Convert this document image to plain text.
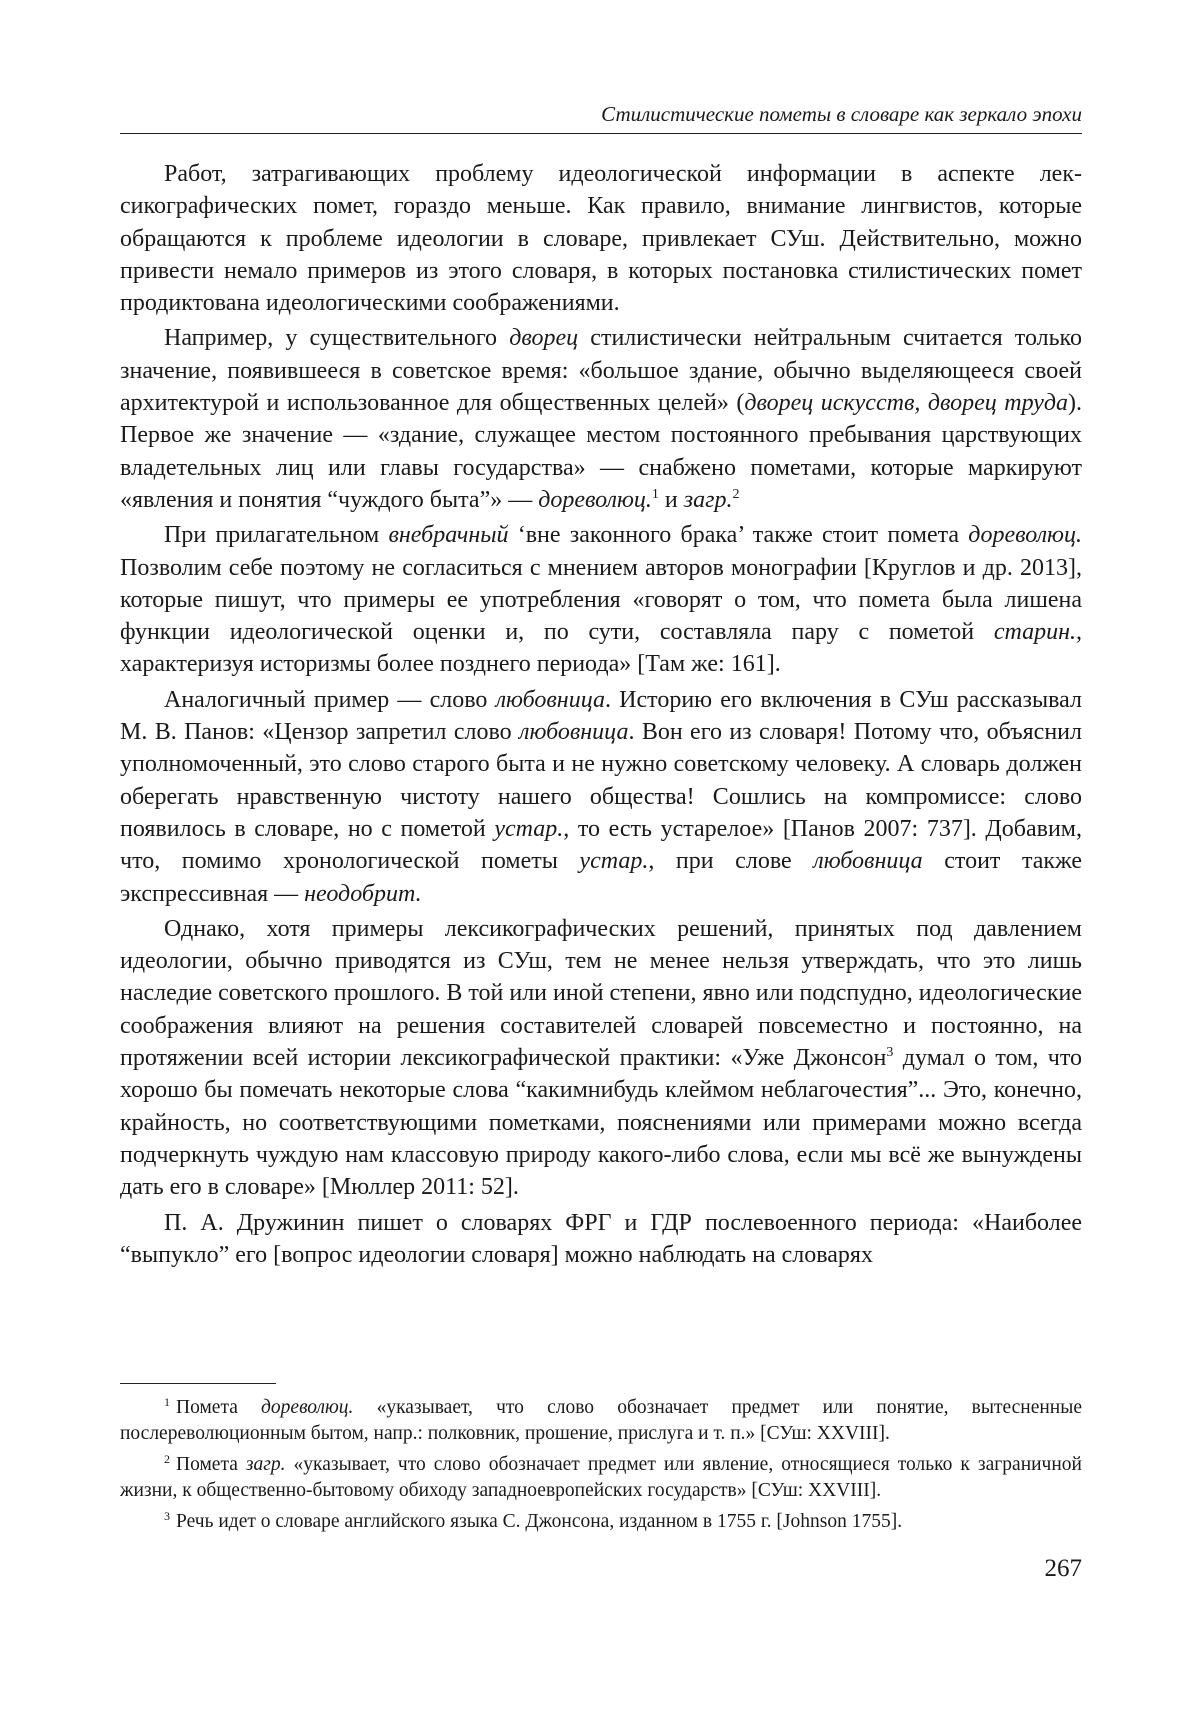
Стилистические пометы в словаре как зеркало эпохи

Работ, затрагивающих проблему идеологической информации в аспекте лексикографических помет, гораздо меньше. Как правило, внимание лингвистов, которые обращаются к проблеме идеологии в словаре, привлекает СУш. Действительно, можно привести немало примеров из этого словаря, в которых постановка стилистических помет продиктована идеологическими соображениями.

Например, у существительного дворец стилистически нейтральным считается только значение, появившееся в советское время: «большое здание, обычно выделяющееся своей архитектурой и использованное для общественных целей» (дворец искусств, дворец труда). Первое же значение — «здание, служащее местом постоянного пребывания царствующих владетельных лиц или главы государства» — снабжено пометами, которые маркируют «явления и понятия “чуждого быта”» — дореволюц.$^1$ и загр.$^2$

При прилагательном внебрачный ‘вне законного брака’ также стоит помета дореволюц. Позволим себе поэтому не согласиться с мнением авторов монографии [Круглов и др. 2013], которые пишут, что примеры ее употребления «говорят о том, что помета была лишена функции идеологической оценки и, по сути, составляла пару с пометой старин., характеризуя историзмы более позднего периода» [Там же: 161].

Аналогичный пример — слово любовница. Историю его включения в СУш рассказывал М. В. Панов: «Цензор запретил слово любовница. Вон его из словаря! Потому что, объяснил уполномоченный, это слово старого быта и не нужно советскому человеку. А словарь должен оберегать нравственную чистоту нашего общества! Сошлись на компромиссе: слово появилось в словаре, но с пометой устар., то есть устарелое» [Панов 2007: 737]. Добавим, что, помимо хронологической пометы устар., при слове любовница стоит также экспрессивная — неодобрит.

Однако, хотя примеры лексикографических решений, принятых под давлением идеологии, обычно приводятся из СУш, тем не менее нельзя утверждать, что это лишь наследие советского прошлого. В той или иной степени, явно или подспудно, идеологические соображения влияют на решения составителей словарей повсеместно и постоянно, на протяжении всей истории лексикографической практики: «Уже Джонсон$^3$ думал о том, что хорошо бы помечать некоторые слова “какимнибудь клеймом неблагочестия”... Это, конечно, крайность, но соответствующими пометками, пояснениями или примерами можно всегда подчеркнуть чуждую нам классовую природу какого-либо слова, если мы всё же вынуждены дать его в словаре» [Мюллер 2011: 52].

П. А. Дружинин пишет о словарях ФРГ и ГДР послевоенного периода: «Наиболее “выпукло” его [вопрос идеологии словаря] можно наблюдать на словарях

$^1$ Помета дореволюц. «указывает, что слово обозначает предмет или понятие, вытесненные послереволюционным бытом, напр.: полковник, прошение, прислуга и т. п.» [СУш: XXVIII].

$^2$ Помета загр. «указывает, что слово обозначает предмет или явление, относящиеся только к заграничной жизни, к общественно-бытовому обиходу западноевропейских государств» [СУш: XXVIII].

$^3$ Речь идет о словаре английского языка С. Джонсона, изданном в 1755 г. [Johnson 1755].

267
